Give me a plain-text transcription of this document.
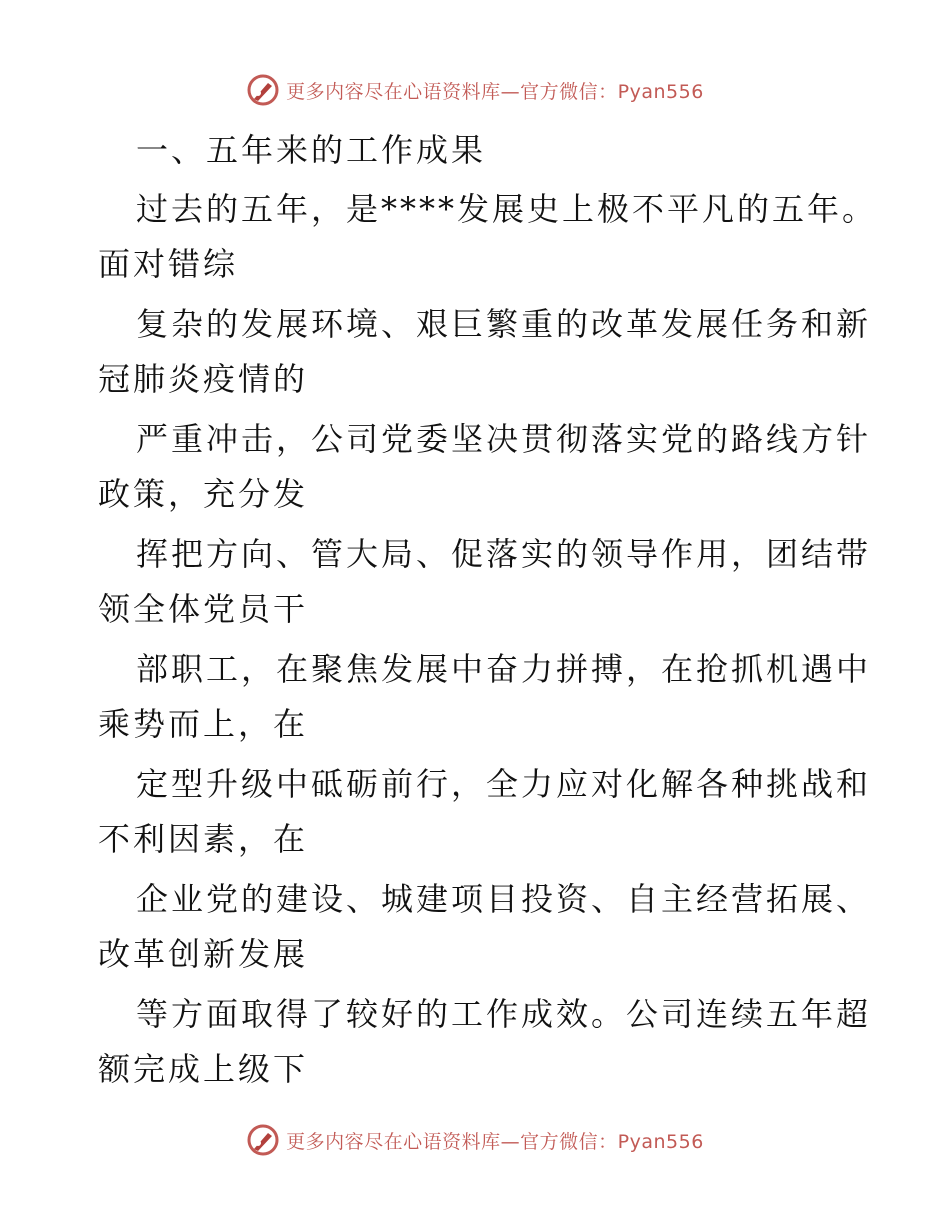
更多内容尽在心语资料库—官方微信：Pyan556
一、五年来的工作成果
过去的五年，是****发展史上极不平凡的五年。
面对错综
复杂的发展环境、艰巨繁重的改革发展任务和新
冠肺炎疫情的
严重冲击，公司党委坚决贯彻落实党的路线方针
政策，充分发
挥把方向、管大局、促落实的领导作用，团结带
领全体党员干
部职工，在聚焦发展中奋力拼搏，在抢抓机遇中
乘势而上，在
定型升级中砥砺前行，全力应对化解各种挑战和
不利因素，在
企业党的建设、城建项目投资、自主经营拓展、
改革创新发展
等方面取得了较好的工作成效。公司连续五年超
额完成上级下
更多内容尽在心语资料库—官方微信：Pyan556
